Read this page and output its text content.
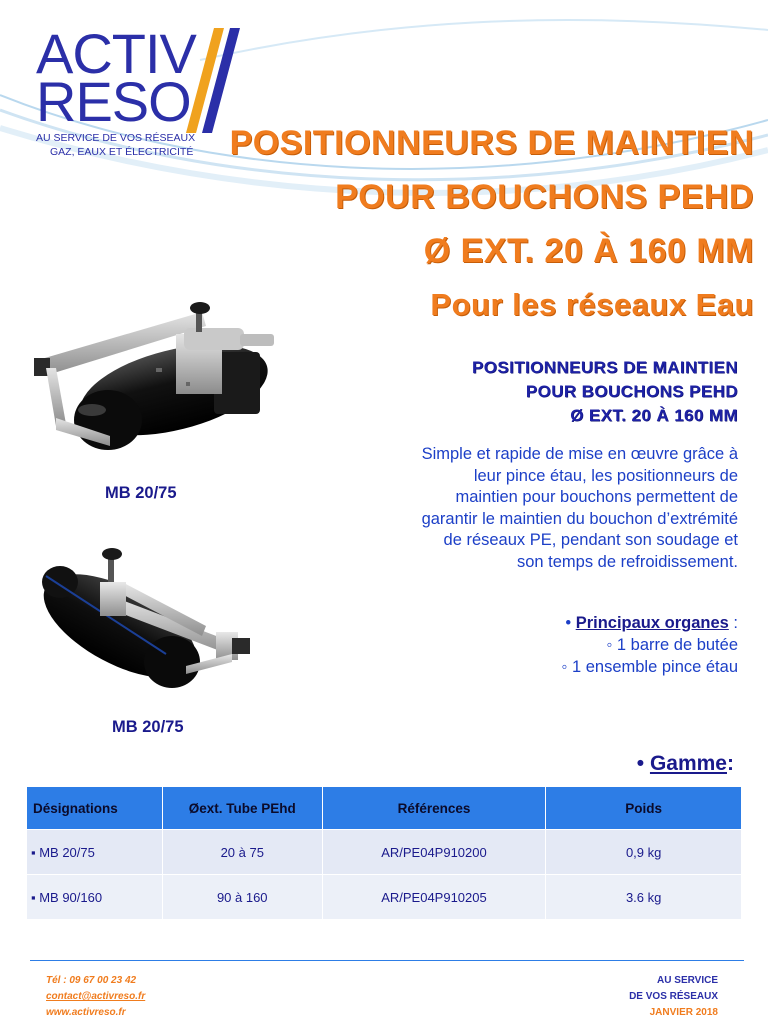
ACTIV
RESO
AU SERVICE DE VOS RÉSEAUX
GAZ, EAUX ET ÉLECTRICITÉ POSITIONNEURS DE MAINTIEN
POUR BOUCHONS PEHD
Ø EXT. 20 À 160 MM
Pour les réseaux Eau
MB 20/75
MB 20/75
POSITIONNEURS DE MAINTIEN
POUR BOUCHONS PEHD
Ø EXT. 20 À 160 MM
Simple et rapide de mise en œuvre grâce à
leur pince étau, les positionneurs de
maintien pour bouchons permettent de
garantir le maintien du bouchon d’extrémité
de réseaux PE, pendant son soudage et
son temps de refroidissement.
• Principaux organes :
◦ 1 barre de butée
◦ 1 ensemble pince étau
• Gamme:
Désignations	Øext. Tube PEhd	Références	Poids
▪ MB 20/75	20 à 75	AR/PE04P910200	0,9 kg
▪ MB 90/160	90 à 160	AR/PE04P910205	3.6 kg
Tél : 09 67 00 23 42
contact@activreso.fr
www.activreso.fr
AU SERVICE
DE VOS RÉSEAUX
JANVIER 2018
